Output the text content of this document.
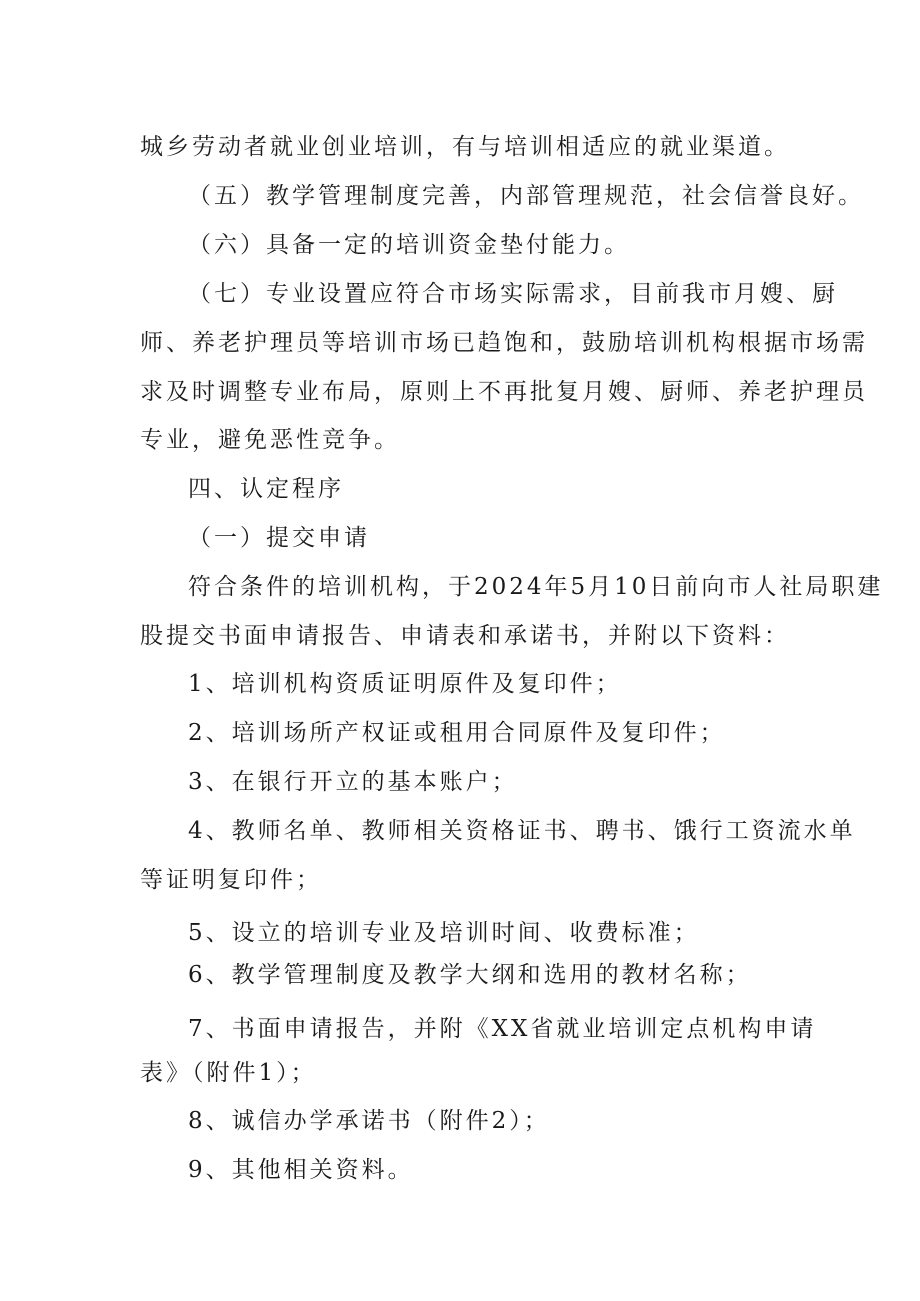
城乡劳动者就业创业培训，有与培训相适应的就业渠道。
（五）教学管理制度完善，内部管理规范，社会信誉良好。
（六）具备一定的培训资金垫付能力。
（七）专业设置应符合市场实际需求，目前我市月嫂、厨
师、养老护理员等培训市场已趋饱和，鼓励培训机构根据市场需
求及时调整专业布局，原则上不再批复月嫂、厨师、养老护理员
专业，避免恶性竞争。
四、认定程序
（一）提交申请
符合条件的培训机构，于2024年5月10日前向市人社局职建
股提交书面申请报告、申请表和承诺书，并附以下资料：
1、培训机构资质证明原件及复印件；
2、培训场所产权证或租用合同原件及复印件；
3、在银行开立的基本账户；
4、教师名单、教师相关资格证书、聘书、饿行工资流水单
等证明复印件；
5、设立的培训专业及培训时间、收费标准；
6、教学管理制度及教学大纲和选用的教材名称；
7、书面申请报告，并附《XX省就业培训定点机构申请
表》（附件1）；
8、诚信办学承诺书（附件2）；
9、其他相关资料。
